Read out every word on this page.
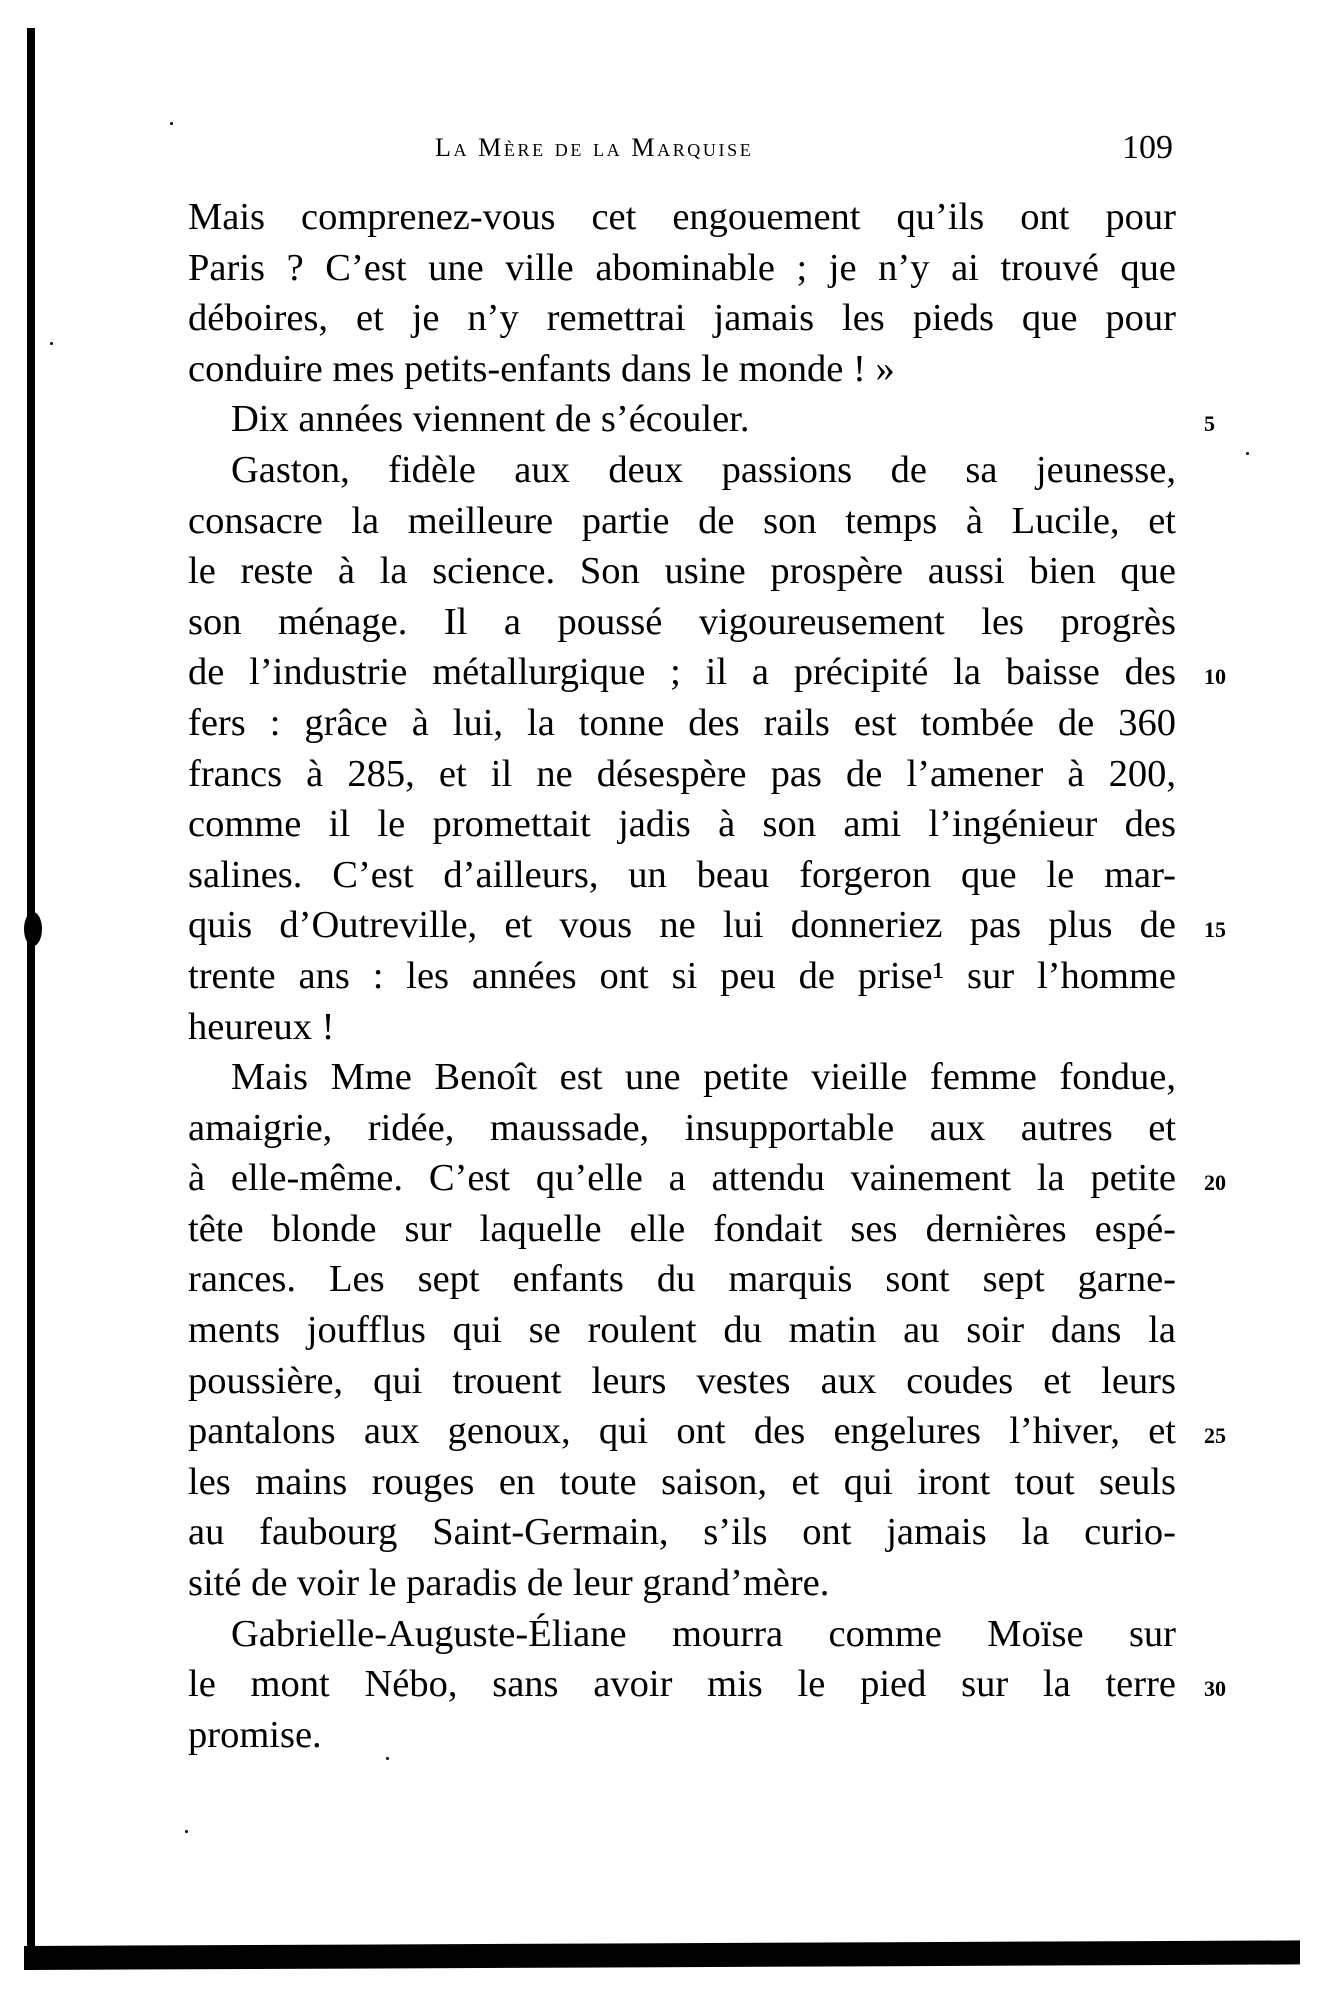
La Mère de la Marquise	109
Mais comprenez-vous cet engouement qu’ils ont pour
Paris ? C’est une ville abominable ; je n’y ai trouvé que
déboires, et je n’y remettrai jamais les pieds que pour
conduire mes petits-enfants dans le monde ! »
Dix années viennent de s’écouler.
Gaston, fidèle aux deux passions de sa jeunesse,
consacre la meilleure partie de son temps à Lucile, et
le reste à la science. Son usine prospère aussi bien que
son ménage. Il a poussé vigoureusement les progrès
de l’industrie métallurgique ; il a précipité la baisse des
fers : grâce à lui, la tonne des rails est tombée de 360
francs à 285, et il ne désespère pas de l’amener à 200,
comme il le promettait jadis à son ami l’ingénieur des
salines. C’est d’ailleurs, un beau forgeron que le mar-
quis d’Outreville, et vous ne lui donneriez pas plus de
trente ans : les années ont si peu de prise¹ sur l’homme
heureux !
Mais Mme Benoît est une petite vieille femme fondue,
amaigrie, ridée, maussade, insupportable aux autres et
à elle-même. C’est qu’elle a attendu vainement la petite
tête blonde sur laquelle elle fondait ses dernières espé-
rances. Les sept enfants du marquis sont sept garne-
ments joufflus qui se roulent du matin au soir dans la
poussière, qui trouent leurs vestes aux coudes et leurs
pantalons aux genoux, qui ont des engelures l’hiver, et
les mains rouges en toute saison, et qui iront tout seuls
au faubourg Saint-Germain, s’ils ont jamais la curio-
sité de voir le paradis de leur grand’mère.
Gabrielle-Auguste-Éliane mourra comme Moïse sur
le mont Nébo, sans avoir mis le pied sur la terre
promise.
5
10
15
20
25
30
